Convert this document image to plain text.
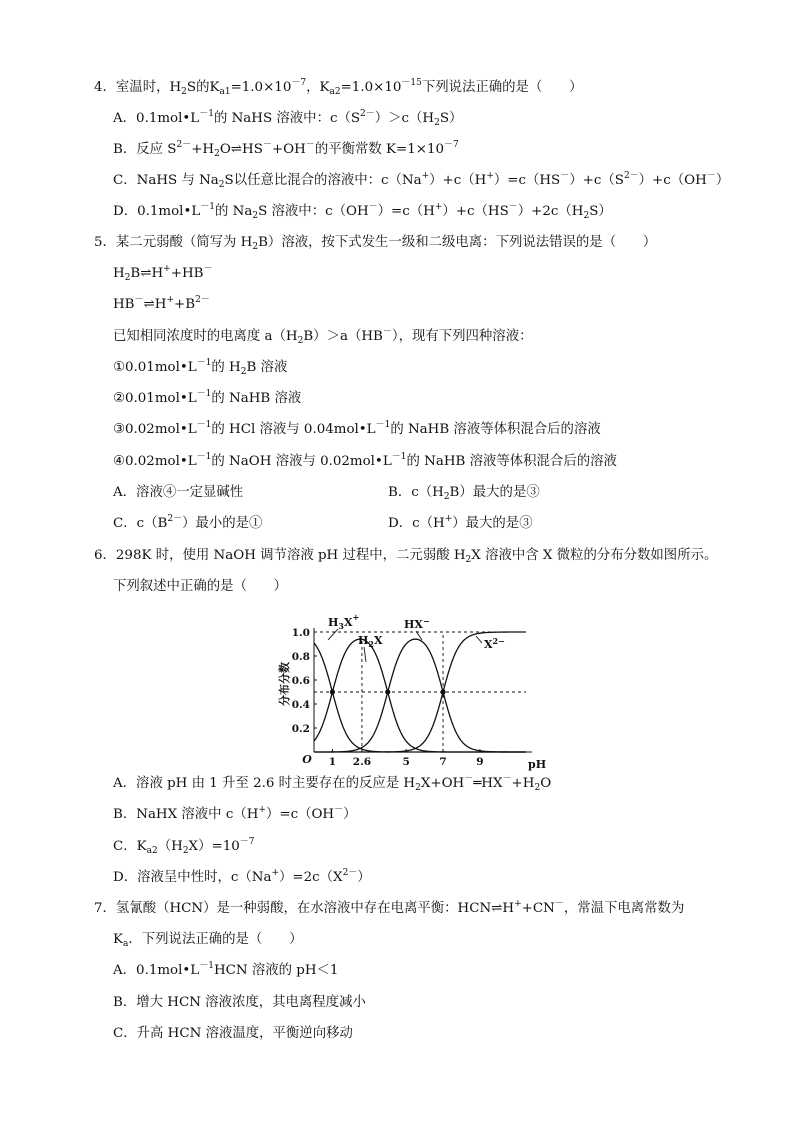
4．室温时，$H_2S$的$K_{a1}=1.0\times 10^{-7}$，$K_{a2}=1.0\times 10^{-15}$下列说法正确的是（　　）
A．$0.1mol•L^{-1}$的 NaHS 溶液中：$c(S^{2-})>c(H_2S)$
B．反应 $S^{2-}+H_2O\rightleftharpoons HS^-+OH^-$的平衡常数 $K=1\times 10^{-7}$
C．NaHS 与 $Na_2S$以任意比混合的溶液中：$c(Na^+)+c(H^+)=c(HS^-)+c(S^{2-})+c(OH^-)$
D．$0.1mol•L^{-1}$的 $Na_2S$ 溶液中：$c(OH^-)=c(H^+)+c(HS^-)+2c(H_2S)$
5．某二元弱酸（简写为 $H_2B$）溶液，按下式发生一级和二级电离：下列说法错误的是（　　）
$H_2B\rightleftharpoons H^++HB^-$
$HB^-\rightleftharpoons H^++B^{2-}$
已知相同浓度时的电离度 $a(H_2B)>a(HB^-)$，现有下列四种溶液：
$①0.01mol•L^{-1}$的 $H_2B$ 溶液
$②0.01mol•L^{-1}$的 NaHB 溶液
$③0.02mol•L^{-1}$的 HCl 溶液与 $0.04mol•L^{-1}$的 NaHB 溶液等体积混合后的溶液
$④0.02mol•L^{-1}$的 NaOH 溶液与 $0.02mol•L^{-1}$的 NaHB 溶液等体积混合后的溶液
A．溶液④一定显碱性	B．$c(H_2B)$最大的是③
C．$c(B^{2-})$最小的是①	D．c（H+）最大的是③
6．298K 时，使用 NaOH 调节溶液 pH 过程中，二元弱酸 $H_2X$ 溶液中含 X 微粒的分布分数如图所示。
下列叙述中正确的是（　　）
0.2
0.4
0.6
0.8
1.0
1 2.6	5	7	9
O	pH
分布分数
$H_3X^+$
$H_2X$
HX−
$X^{2-}$
A．溶液 pH 由 1 升至 2.6 时主要存在的反应是 $H_2X+OH^-═HX^-+H_2O$
B．NaHX 溶液中 c（H+）=c（OH－）
C．$K_{a2}(H_2X)=10^{-7}$
D．溶液呈中性时，$c(Na^+)=2c(X^{2-})$
7．氢氰酸（HCN）是一种弱酸，在水溶液中存在电离平衡：HCN⇌H++CN－，常温下电离常数为
$K_a$．下列说法正确的是（　　）
A．$0.1mol•L^{-1}HCN$ 溶液的 pH＜1
B．增大 HCN 溶液浓度，其电离程度减小
C．升高 HCN 溶液温度，平衡逆向移动
